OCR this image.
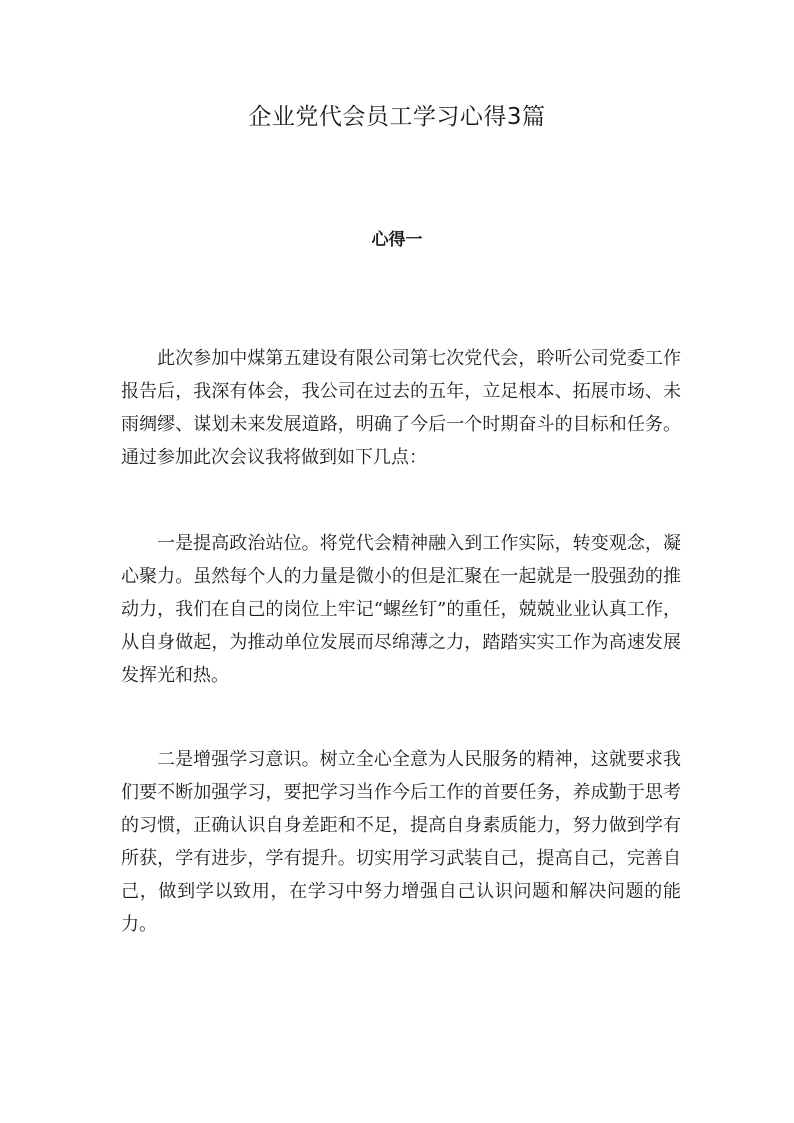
企业党代会员工学习心得3篇
心得一

此次参加中煤第五建设有限公司第七次党代会，聆听公司党委工作报告后，我深有体会，我公司在过去的五年，立足根本、拓展市场、未雨绸缪、谋划未来发展道路，明确了今后一个时期奋斗的目标和任务。通过参加此次会议我将做到如下几点：

一是提高政治站位。将党代会精神融入到工作实际，转变观念，凝心聚力。虽然每个人的力量是微小的但是汇聚在一起就是一股强劲的推动力，我们在自己的岗位上牢记“螺丝钉”的重任，兢兢业业认真工作，从自身做起，为推动单位发展而尽绵薄之力，踏踏实实工作为高速发展发挥光和热。

二是增强学习意识。树立全心全意为人民服务的精神，这就要求我们要不断加强学习，要把学习当作今后工作的首要任务，养成勤于思考的习惯，正确认识自身差距和不足，提高自身素质能力，努力做到学有所获，学有进步，学有提升。切实用学习武装自己，提高自己，完善自己，做到学以致用，在学习中努力增强自己认识问题和解决问题的能力。
